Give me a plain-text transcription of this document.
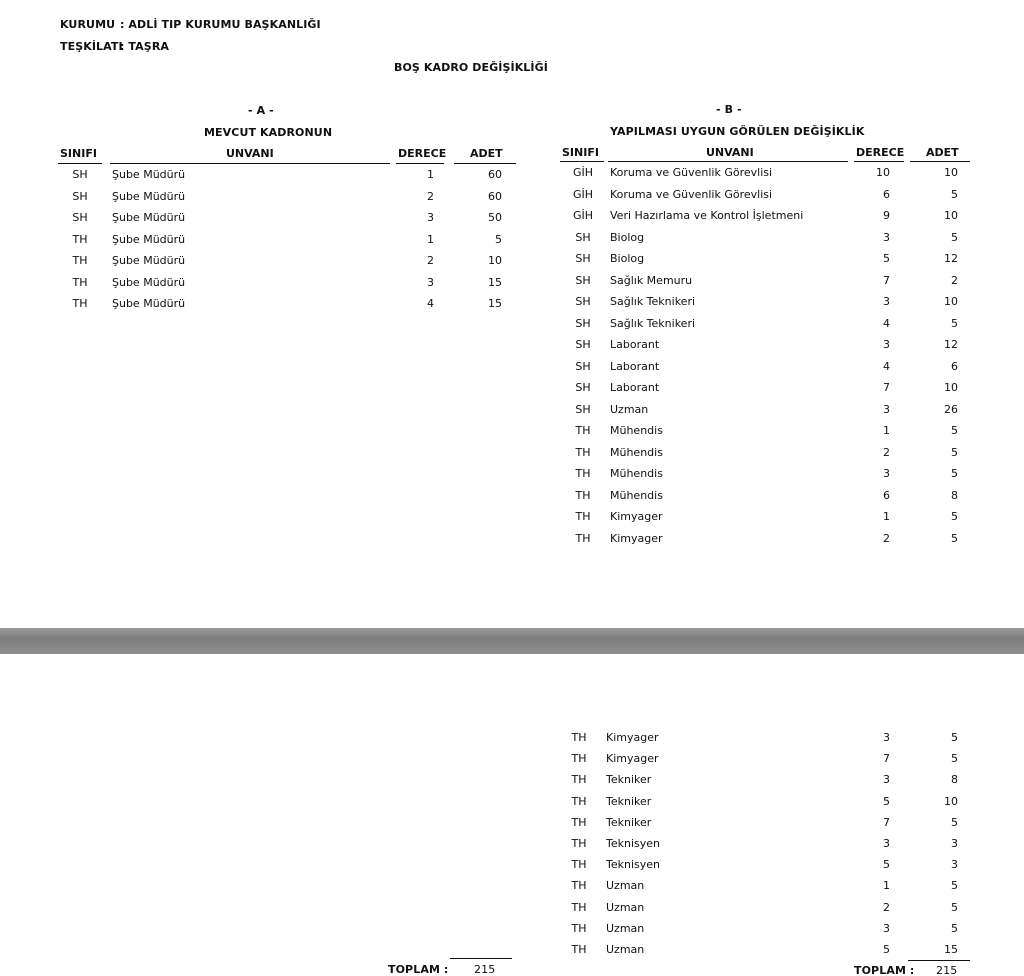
KURUMU : ADLİ TIP KURUMU BAŞKANLIĞI
TEŞKİLATI
: TAŞRA
BOŞ KADRO DEĞİŞİKLİĞİ
- A -
MEVCUT KADRONUN
SINIFI	UNVANI	DERECE ADET
SH	Şube Müdürü	1	60
SH	Şube Müdürü	2	60
SH	Şube Müdürü	3	50
TH	Şube Müdürü	1	5
TH	Şube Müdürü	2	10
TH	Şube Müdürü	3	15
TH	Şube Müdürü	4	15
- B -
YAPILMASI UYGUN GÖRÜLEN DEĞİŞİKLİK
SINIFI	UNVANI	DERECE ADET
GİH	Koruma ve Güvenlik Görevlisi	10	10
GİH	Koruma ve Güvenlik Görevlisi	6	5
GİH	Veri Hazırlama ve Kontrol İşletmeni	9	10
SH	Biolog	3	5
SH	Biolog	5	12
SH	Sağlık Memuru	7	2
SH	Sağlık Teknikeri	3	10
SH	Sağlık Teknikeri	4	5
SH	Laborant	3	12
SH	Laborant	4	6
SH	Laborant	7	10
SH	Uzman	3	26
TH	Mühendis	1	5
TH	Mühendis	2	5
TH	Mühendis	3	5
TH	Mühendis	6	8
TH	Kimyager	1	5
TH	Kimyager	2	5
TH	Kimyager	3	5
TH	Kimyager	7	5
TH	Tekniker	3	8
TH	Tekniker	5	10
TH	Tekniker	7	5
TH	Teknisyen	3	3
TH	Teknisyen	5	3
TH	Uzman	1	5
TH	Uzman	2	5
TH	Uzman	3	5
TH	Uzman	5	15
TOPLAM : 215	TOPLAM : 215
